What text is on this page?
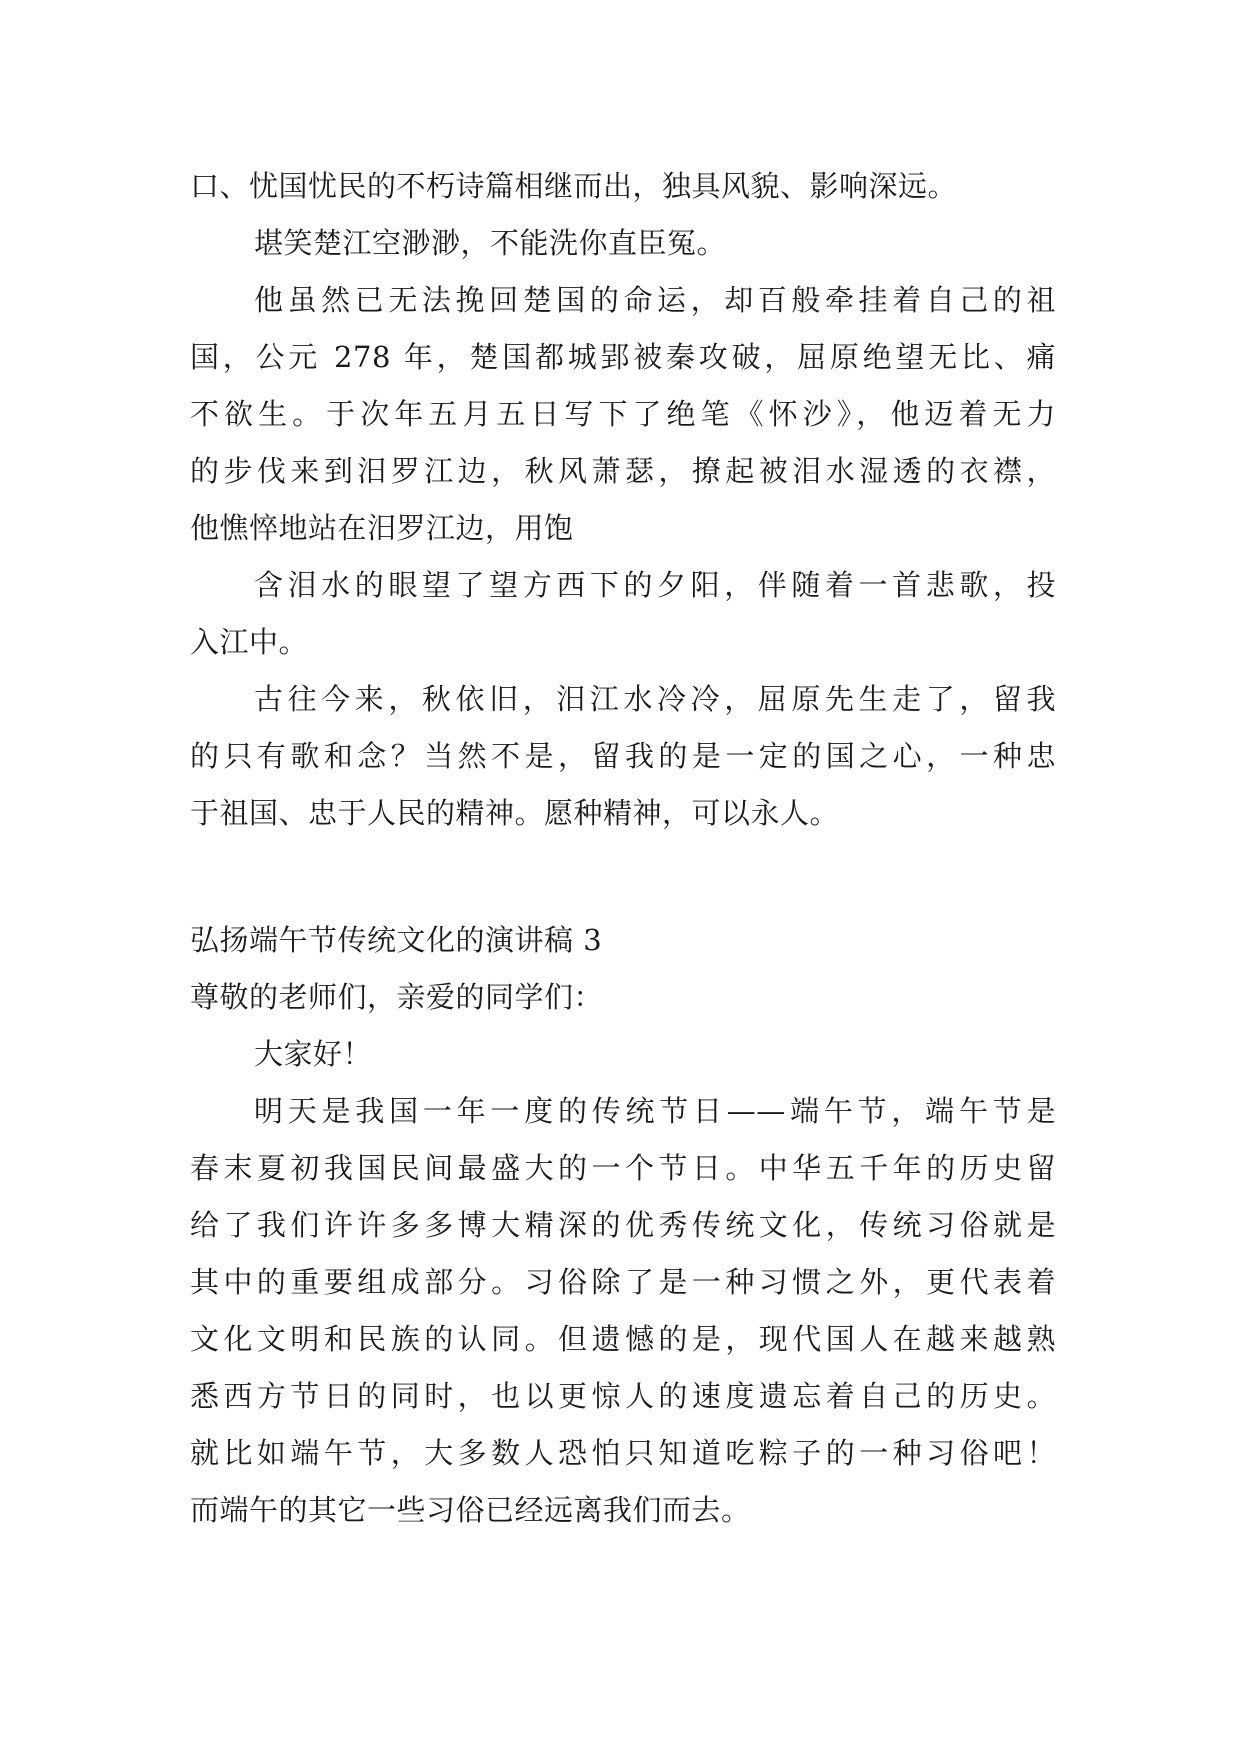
口、忧国忧民的不朽诗篇相继而出，独具风貌、影响深远。
堪笑楚江空渺渺，不能洗你直臣冤。
他虽然已无法挽回楚国的命运，却百般牵挂着自己的祖
国，公元 278 年，楚国都城郢被秦攻破，屈原绝望无比、痛
不欲生。于次年五月五日写下了绝笔《怀沙》，他迈着无力
的步伐来到汨罗江边，秋风萧瑟，撩起被泪水湿透的衣襟，
他憔悴地站在汨罗江边，用饱
含泪水的眼望了望方西下的夕阳，伴随着一首悲歌，投
入江中。
古往今来，秋依旧，汨江水冷冷，屈原先生走了，留我
的只有歌和念？当然不是，留我的是一定的国之心，一种忠
于祖国、忠于人民的精神。愿种精神，可以永人。
弘扬端午节传统文化的演讲稿 3
尊敬的老师们，亲爱的同学们：
大家好！
明天是我国一年一度的传统节日——端午节，端午节是
春末夏初我国民间最盛大的一个节日。中华五千年的历史留
给了我们许许多多博大精深的优秀传统文化，传统习俗就是
其中的重要组成部分。习俗除了是一种习惯之外，更代表着
文化文明和民族的认同。但遗憾的是，现代国人在越来越熟
悉西方节日的同时，也以更惊人的速度遗忘着自己的历史。
就比如端午节，大多数人恐怕只知道吃粽子的一种习俗吧！
而端午的其它一些习俗已经远离我们而去。
